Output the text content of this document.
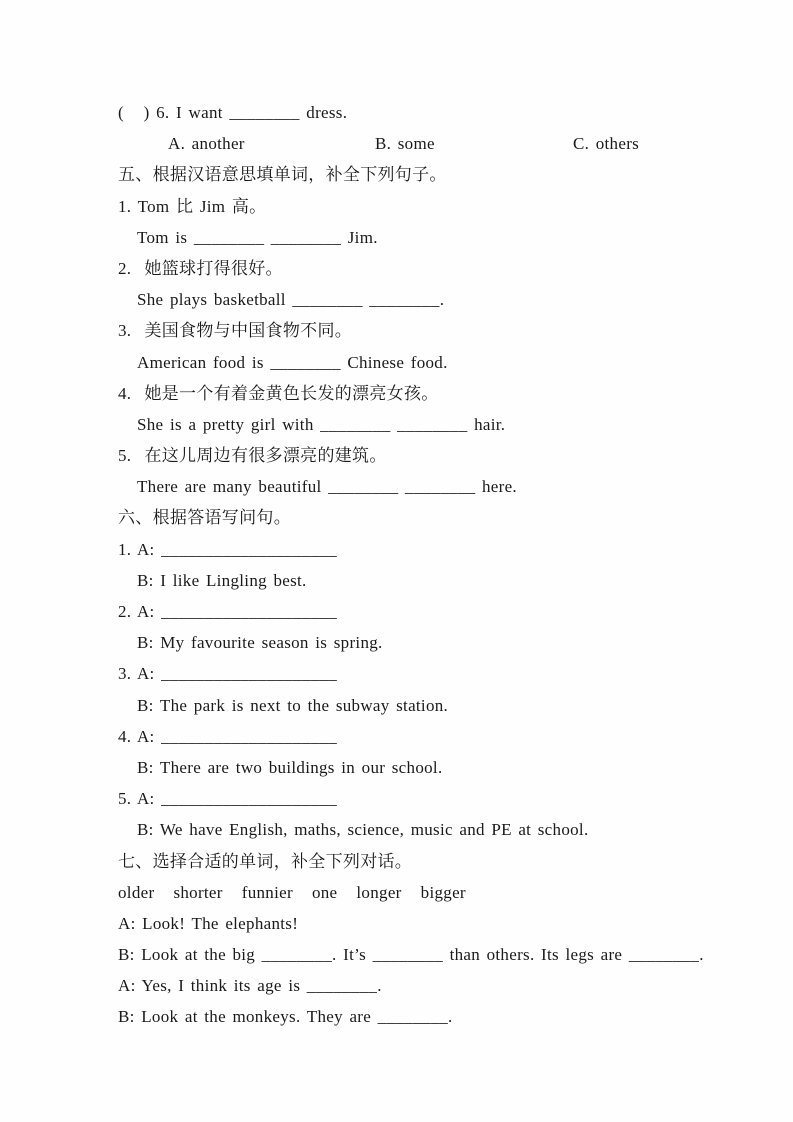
(   ) 6. I want ________ dress.

A. another

	B. some

	C. others

五、根据汉语意思填单词，补全下列句子。
1. Tom 比 Jim 高。
Tom is ________ ________ Jim.
2.  她篮球打得很好。
She plays basketball ________ ________.
3.  美国食物与中国食物不同。
American food is ________ Chinese food.
4.  她是一个有着金黄色长发的漂亮女孩。
She is a pretty girl with ________ ________ hair.
5.  在这儿周边有很多漂亮的建筑。
There are many beautiful ________ ________ here.
六、根据答语写问句。
1. A: ____________________
B: I like Lingling best.
2. A: ____________________
B: My favourite season is spring.
3. A: ____________________
B: The park is next to the subway station.
4. A: ____________________
B: There are two buildings in our school.
5. A: ____________________
B: We have English, maths, science, music and PE at school.
七、选择合适的单词，补全下列对话。
older shorter funnier one longer bigger
A: Look! The elephants!
B: Look at the big ________. It’s ________ than others. Its legs are ________.
A: Yes, I think its age is ________.
B: Look at the monkeys. They are ________.
